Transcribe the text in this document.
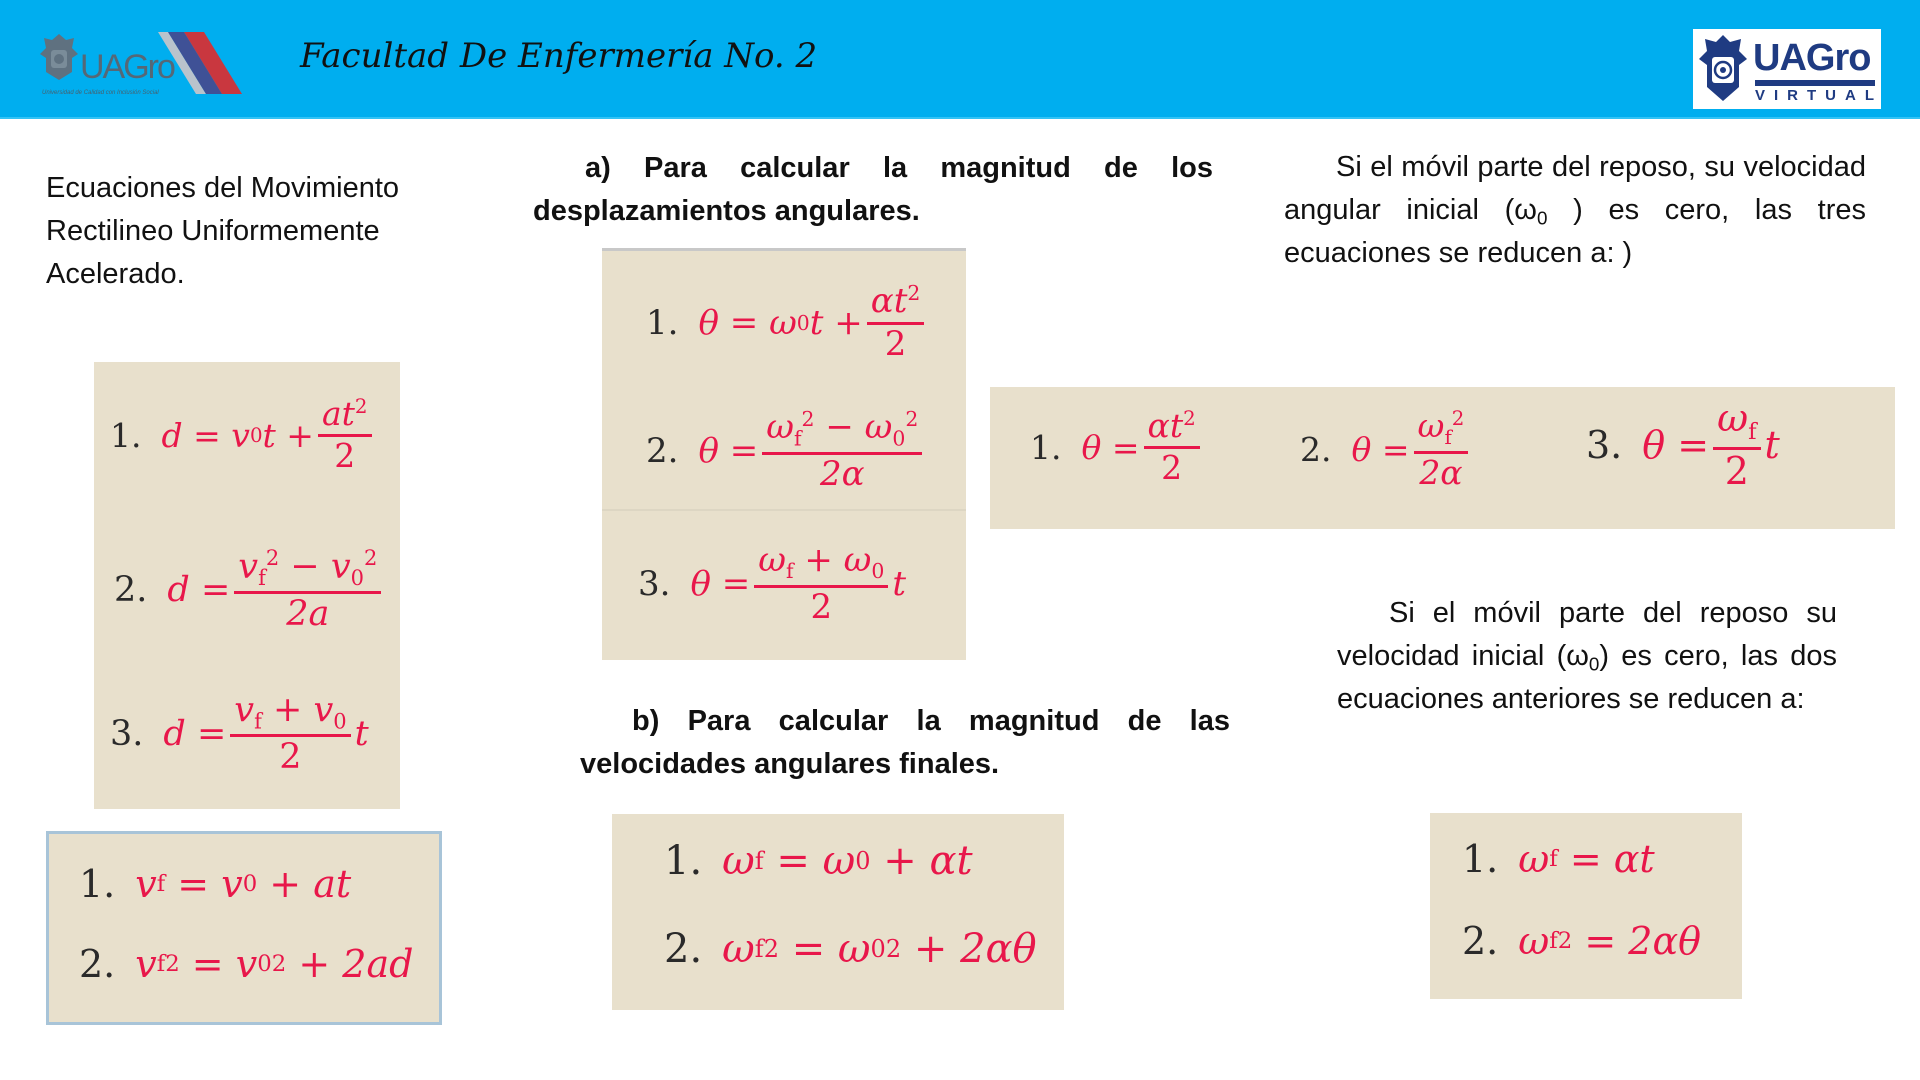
UAGro
Universidad de Calidad con Inclusión Social
Facultad De Enfermería No. 2	UAGro
VIRTUAL
Ecuaciones del Movimiento Rectilineo Uniformemente Acelerado.
1. d
=
v 0 t
+ $\frac{at^2}{2}$
2. d
= $\frac{v_f^2 - v_0^2}{2a}$
3. d
= $\frac{v_f + v_0}{2}$ t
1. v f
=
v 0
+
a t
2. v f 2
=
v 0 2
+
2ad
a) Para calcular la magnitud de los desplazamientos angulares.
1. θ
=
ω 0 t
+ $\frac{\alpha t^2}{2}$
2. θ
= $\frac{\omega_f^2 - \omega_0^2}{2\alpha}$
3. θ
= $\frac{\omega_f + \omega_0}{2}$ t
b) Para calcular la magnitud de las velocidades angulares finales.
1. ω f
=
ω 0
+
α t
2. ω f 2
=
ω 0 2
+
2αθ
Si el móvil parte del reposo, su velocidad angular inicial ($\omega_0$ ) es cero, las tres ecuaciones se reducen a: )
1. θ
= $\frac{\alpha t^2}{2}$	2. θ
= $\frac{\omega_f^2}{2\alpha}$	3. θ
= $\frac{\omega_f}{2}$ t
Si el móvil parte del reposo su velocidad inicial $(\omega_0)$ es cero, las dos ecuaciones anteriores se reducen a:
1. ω f
=
α t
2. ω f 2
=
2αθ
